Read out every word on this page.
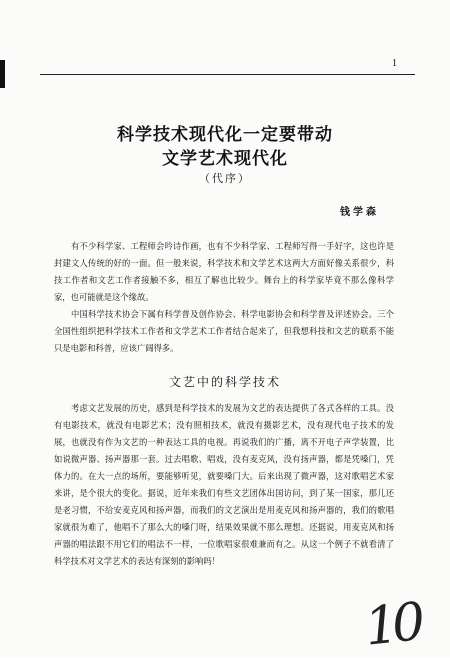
1
科学技术现代化一定要带动
文学艺术现代化
（代序）
钱学森

有不少科学家、工程师会吟诗作画，也有不少科学家、工程师写得一手好字，这也许是封建文人传统的好的一面。但一般来说，科学技术和文学艺术这两大方面好像关系很少，科技工作者和文艺工作者接触不多，相互了解也比较少。舞台上的科学家毕竟不那么像科学家，也可能就是这个缘故。

中国科学技术协会下属有科学普及创作协会、科学电影协会和科学普及评述协会。三个全国性组织把科学技术工作者和文学艺术工作者结合起来了，但我想科技和文艺的联系不能只是电影和科普，应该广阔得多。

文艺中的科学技术

考虑文艺发展的历史，感到是科学技术的发展为文艺的表达提供了各式各样的工具。没有电影技术，就没有电影艺术；没有照相技术，就没有摄影艺术，没有现代电子技术的发展，也就没有作为文艺的一种表达工具的电视。再说我们的广播，离不开电子声学装置，比如说微声器、扬声器那一套。过去唱歌、唱戏，没有麦克风，没有扬声器，都是凭嗓门，凭体力的。在大一点的场所，要能够听见，就要嗓门大。后来出现了微声器，这对歌唱艺术家来讲，是个很大的变化。据说，近年来我们有些文艺团体出国访问，到了某一国家，那儿还是老习惯，不给安麦克风和扬声器，而我们的文艺演出是用麦克风和扬声器的，我们的歌唱家就很为难了，他唱不了那么大的嗓门呀，结果效果就不那么理想。还据说，用麦克风和扬声器的唱法跟不用它们的唱法不一样，一位歌唱家很难兼而有之。从这一个例子不就看清了科学技术对文学艺术的表达有深刻的影响吗！

10
